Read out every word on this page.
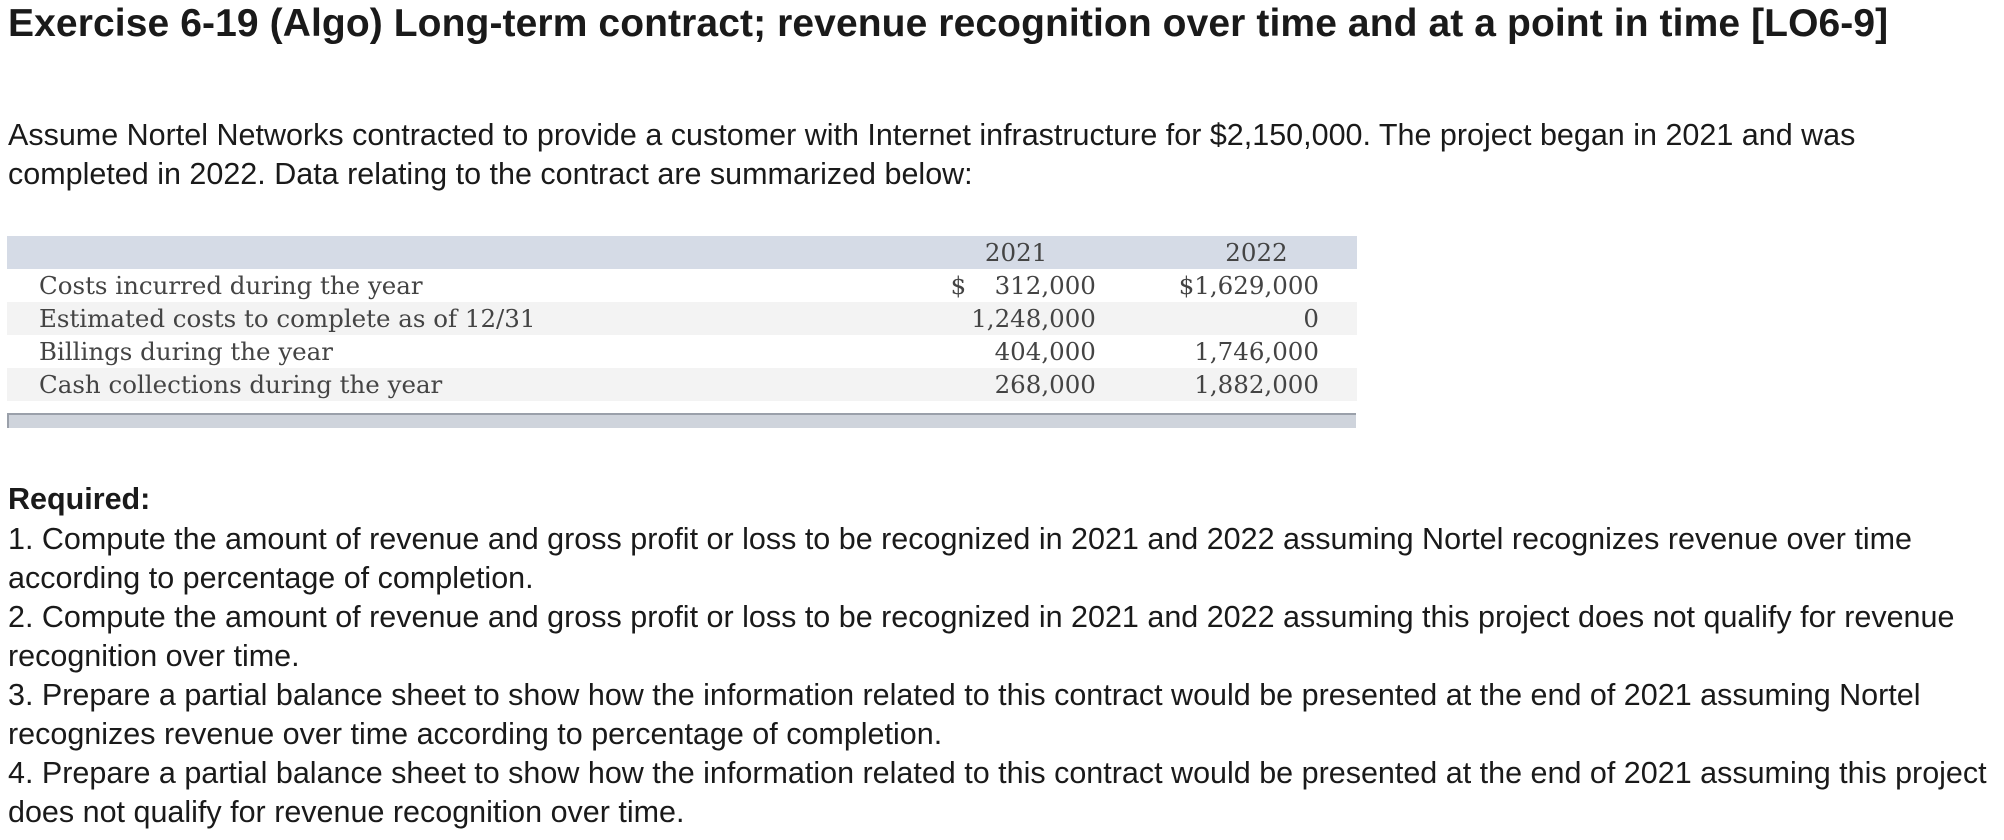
Exercise 6-19 (Algo) Long-term contract; revenue recognition over time and at a point in time [LO6-9]

Assume Nortel Networks contracted to provide a customer with Internet infrastructure for $2,150,000. The project began in 2021 and was completed in 2022. Data relating to the contract are summarized below:

	2021	2022
Costs incurred during the year	$ 312,000	$1,629,000
Estimated costs to complete as of 12/31	1,248,000	0
Billings during the year	404,000	1,746,000
Cash collections during the year	268,000	1,882,000
Required:
1. Compute the amount of revenue and gross profit or loss to be recognized in 2021 and 2022 assuming Nortel recognizes revenue over time according to percentage of completion.
2. Compute the amount of revenue and gross profit or loss to be recognized in 2021 and 2022 assuming this project does not qualify for revenue recognition over time.
3. Prepare a partial balance sheet to show how the information related to this contract would be presented at the end of 2021 assuming Nortel recognizes revenue over time according to percentage of completion.
4. Prepare a partial balance sheet to show how the information related to this contract would be presented at the end of 2021 assuming this project does not qualify for revenue recognition over time.
